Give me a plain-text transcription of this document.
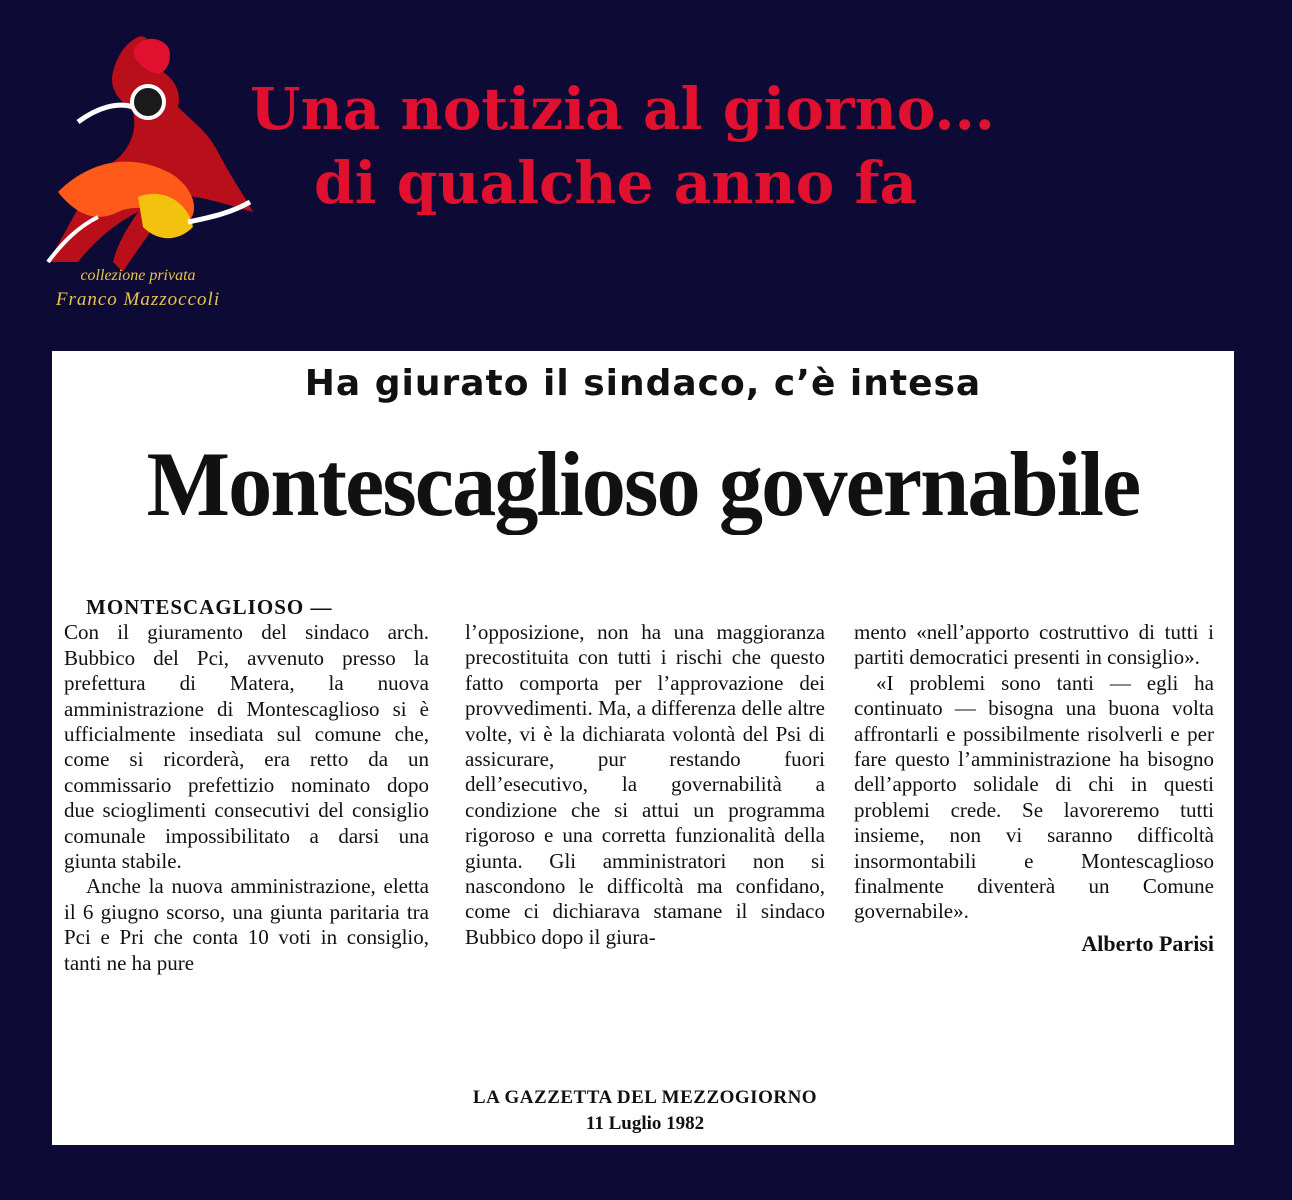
collezione privata
Franco Mazzoccoli
Una notizia al giorno...
di qualche anno fa
Ha giurato il sindaco, c’è intesa
Montescaglioso governabile

MONTESCAGLIOSO —

Con il giuramento del sindaco arch. Bubbico del Pci, avvenuto presso la prefettura di Matera, la nuova amministrazione di Montescaglioso si è ufficialmente insediata sul comune che, come si ricorderà, era retto da un commissario prefettizio nominato dopo due scioglimenti consecutivi del consiglio comunale impossibilitato a darsi una giunta stabile.

Anche la nuova amministrazione, eletta il 6 giugno scorso, una giunta paritaria tra Pci e Pri che conta 10 voti in consiglio, tanti ne ha pure

l’opposizione, non ha una maggioranza precostituita con tutti i rischi che questo fatto comporta per l’approvazione dei provvedimenti. Ma, a differenza delle altre volte, vi è la dichiarata volontà del Psi di assicurare, pur restando fuori dell’esecutivo, la governabilità a condizione che si attui un programma rigoroso e una corretta funzionalità della giunta. Gli amministratori non si nascondono le difficoltà ma confidano, come ci dichiarava stamane il sindaco Bubbico dopo il giura-

mento «nell’apporto costruttivo di tutti i partiti democratici presenti in consiglio».

«I problemi sono tanti — egli ha continuato — bisogna una buona volta affrontarli e possibilmente risolverli e per fare questo l’amministrazione ha bisogno dell’apporto solidale di chi in questi problemi crede. Se lavoreremo tutti insieme, non vi saranno difficoltà insormontabili e Montescaglioso finalmente diventerà un Comune governabile».

Alberto Parisi
LA GAZZETTA DEL MEZZOGIORNO
11 Luglio 1982
